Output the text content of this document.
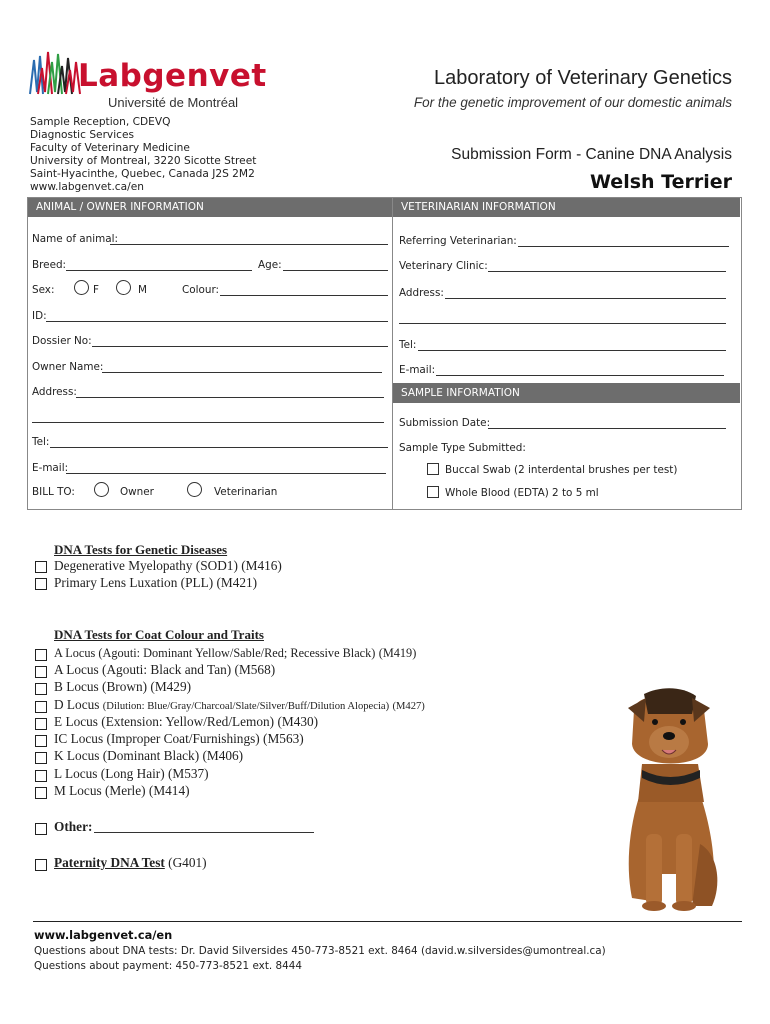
Labgenvet
Université de Montréal
Laboratory of Veterinary Genetics
For the genetic improvement of our domestic animals
Sample Reception, CDEVQ
Diagnostic Services
Faculty of Veterinary Medicine
University of Montreal, 3220 Sicotte Street
Saint-Hyacinthe, Quebec, Canada J2S 2M2
www.labgenvet.ca/en
Submission Form - Canine DNA Analysis
Welsh Terrier
ANIMAL / OWNER INFORMATION	VETERINARIAN INFORMATION
Name of animal:
Breed:	Age:
Sex:	F	M	Colour:
ID:
Dossier No:
Owner Name:
Address:
Tel:
E-mail:
BILL TO:	Owner	Veterinarian
Referring Veterinarian:
Veterinary Clinic:
Address:
Tel:
E-mail:
SAMPLE INFORMATION
Submission Date:
Sample Type Submitted:
Buccal Swab (2 interdental brushes per test)
Whole Blood (EDTA) 2 to 5 ml
DNA Tests for Genetic Diseases
Degenerative Myelopathy (SOD1) (M416)
Primary Lens Luxation (PLL) (M421)
DNA Tests for Coat Colour and Traits
A Locus (Agouti: Dominant Yellow/Sable/Red; Recessive Black) (M419)
A Locus (Agouti: Black and Tan) (M568)
B Locus (Brown) (M429)
D Locus (Dilution: Blue/Gray/Charcoal/Slate/Silver/Buff/Dilution Alopecia) (M427)
E Locus (Extension: Yellow/Red/Lemon) (M430)
IC Locus (Improper Coat/Furnishings) (M563)
K Locus (Dominant Black) (M406)
L Locus (Long Hair) (M537)
M Locus (Merle) (M414)
Other:
Paternity DNA Test (G401)
www.labgenvet.ca/en
Questions about DNA tests: Dr. David Silversides 450-773-8521 ext. 8464 (david.w.silversides@umontreal.ca)
Questions about payment: 450-773-8521 ext. 8444
